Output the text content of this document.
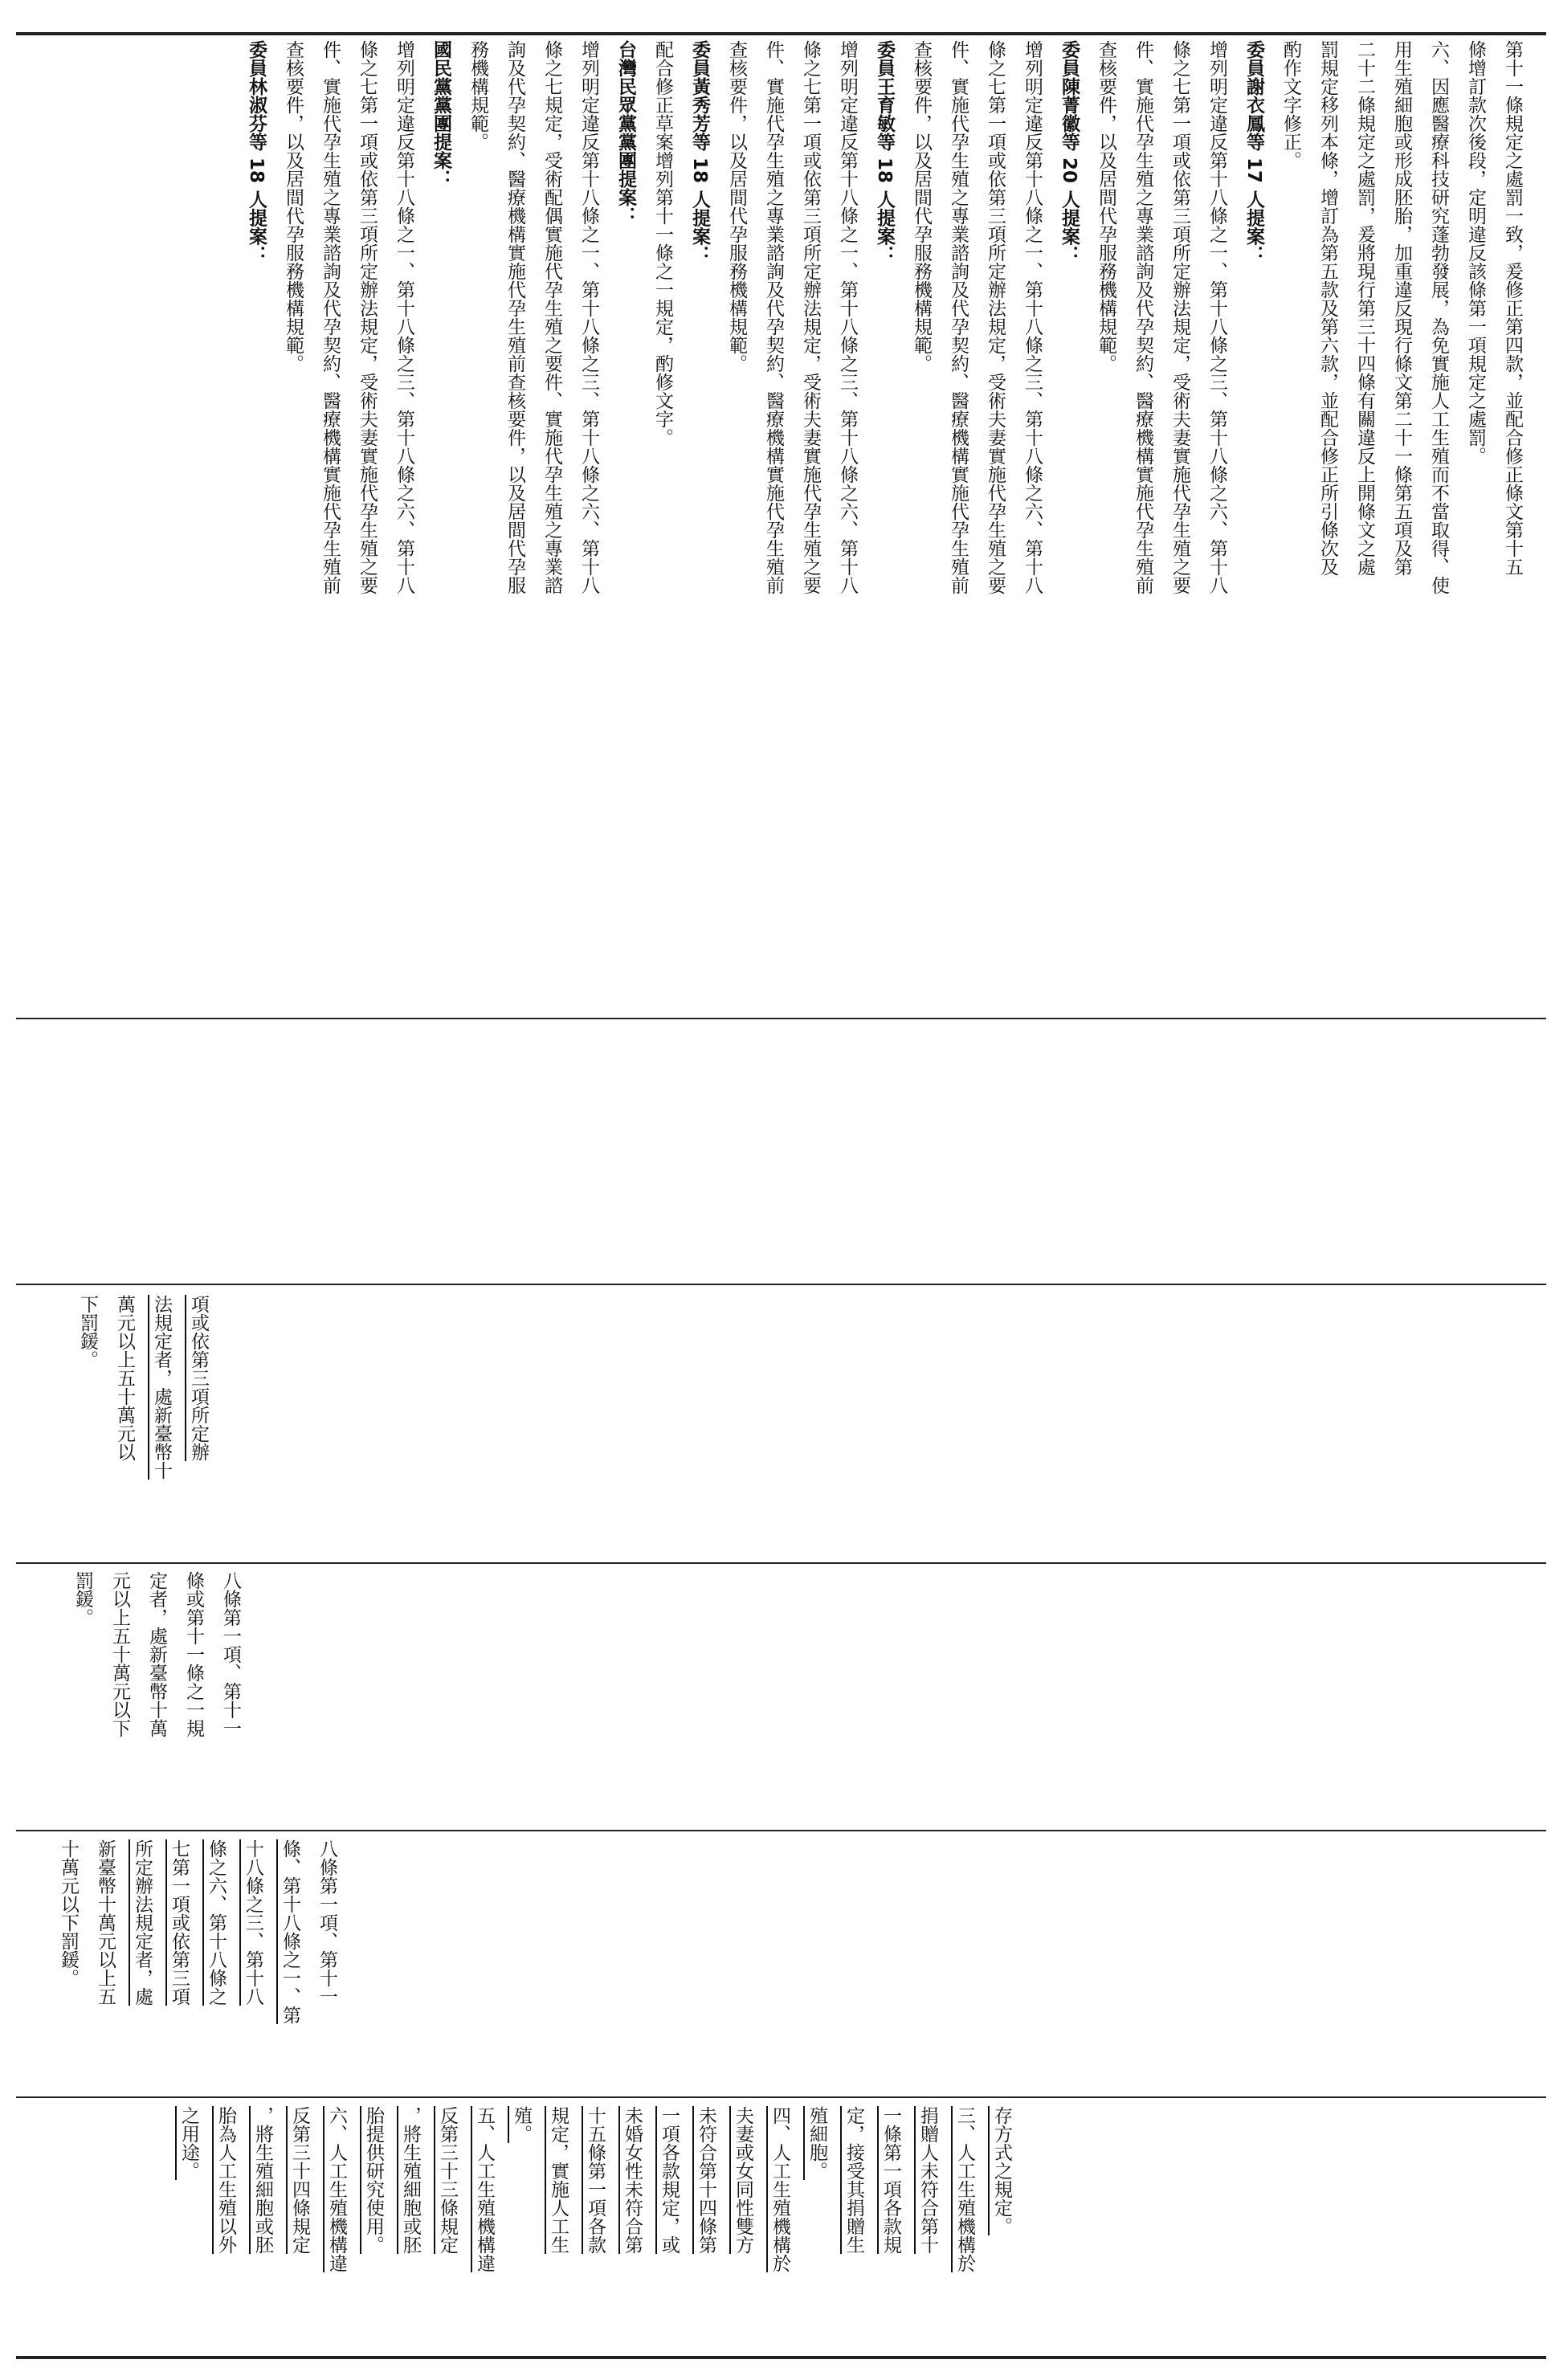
第十一條規定之處罰一致，爰修正第四款，並配合修正條文第十五

條增訂款次後段，定明違反該條第一項規定之處罰。

六、因應醫療科技研究蓬勃發展，為免實施人工生殖而不當取得、使

用生殖細胞或形成胚胎，加重違反現行條文第二十一條第五項及第

二十二條規定之處罰，爰將現行第三十四條有關違反上開條文之處

罰規定移列本條，增訂為第五款及第六款，並配合修正所引條次及

酌作文字修正。

委員謝衣鳳等 17 人提案：

增列明定違反第十八條之一、第十八條之三、第十八條之六、第十八

條之七第一項或依第三項所定辦法規定，受術夫妻實施代孕生殖之要

件、實施代孕生殖之專業諮詢及代孕契約、醫療機構實施代孕生殖前

查核要件，以及居間代孕服務機構規範。

委員陳菁徽等 20 人提案：

增列明定違反第十八條之一、第十八條之三、第十八條之六、第十八

條之七第一項或依第三項所定辦法規定，受術夫妻實施代孕生殖之要

件、實施代孕生殖之專業諮詢及代孕契約、醫療機構實施代孕生殖前

查核要件，以及居間代孕服務機構規範。

委員王育敏等 18 人提案：

增列明定違反第十八條之一、第十八條之三、第十八條之六、第十八

條之七第一項或依第三項所定辦法規定，受術夫妻實施代孕生殖之要

件、實施代孕生殖之專業諮詢及代孕契約、醫療機構實施代孕生殖前

查核要件，以及居間代孕服務機構規範。

委員黃秀芳等 18 人提案：

配合修正草案增列第十一條之一規定，酌修文字。

台灣民眾黨黨團提案：

增列明定違反第十八條之一、第十八條之三、第十八條之六、第十八

條之七規定，受術配偶實施代孕生殖之要件、實施代孕生殖之專業諮

詢及代孕契約、醫療機構實施代孕生殖前查核要件，以及居間代孕服

務機構規範。

國民黨黨團提案：

增列明定違反第十八條之一、第十八條之三、第十八條之六、第十八

條之七第一項或依第三項所定辦法規定，受術夫妻實施代孕生殖之要

件、實施代孕生殖之專業諮詢及代孕契約、醫療機構實施代孕生殖前

查核要件，以及居間代孕服務機構規範。

委員林淑芬等 18 人提案：

項或依第三項所定辦

法規定者，處新臺幣十

萬元以上五十萬元以

下罰鍰。

八條第一項、第十一

條或第十一條之一規

定者，處新臺幣十萬

元以上五十萬元以下

罰鍰。

八條第一項、第十一

條、第十八條之一、第

十八條之三、第十八

條之六、第十八條之

七第一項或依第三項

所定辦法規定者，處

新臺幣十萬元以上五

十萬元以下罰鍰。

存方式之規定。

三、人工生殖機構於

捐贈人未符合第十

一條第一項各款規

定，接受其捐贈生

殖細胞。

四、人工生殖機構於

夫妻或女同性雙方

未符合第十四條第

一項各款規定，或

未婚女性未符合第

十五條第一項各款

規定，實施人工生

殖。

五、人工生殖機構違

反第三十三條規定

，將生殖細胞或胚

胎提供研究使用。

六、人工生殖機構違

反第三十四條規定

，將生殖細胞或胚

胎為人工生殖以外

之用途。
